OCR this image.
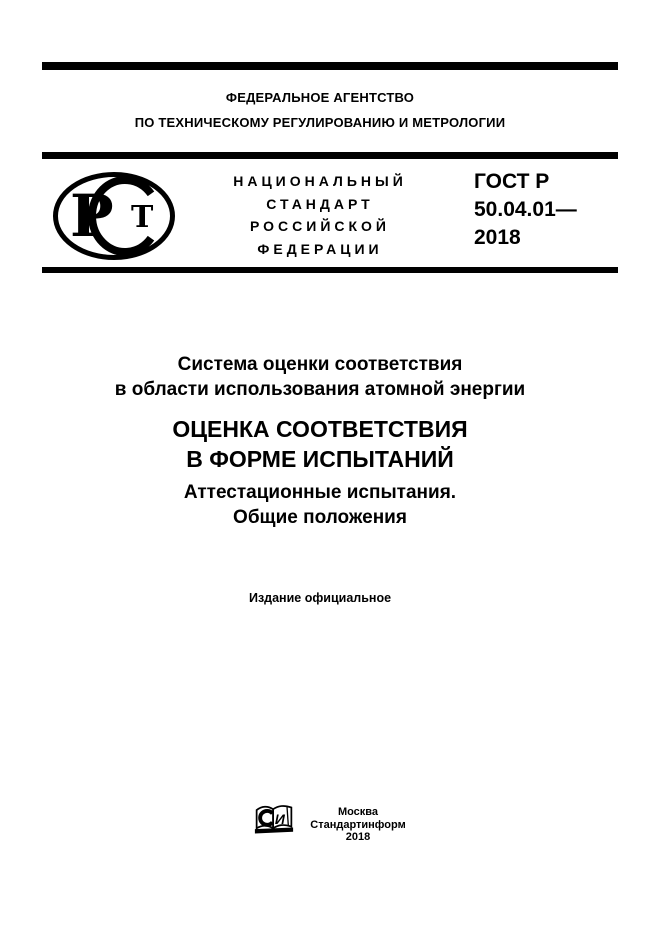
ФЕДЕРАЛЬНОЕ АГЕНТСТВО
ПО ТЕХНИЧЕСКОМУ РЕГУЛИРОВАНИЮ И МЕТРОЛОГИИ
Р Т
НАЦИОНАЛЬНЫЙ
СТАНДАРТ
РОССИЙСКОЙ
ФЕДЕРАЦИИ
ГОСТ Р
50.04.01—
2018
Система оценки соответствия
в области использования атомной энергии
ОЦЕНКА СООТВЕТСТВИЯ
В ФОРМЕ ИСПЫТАНИЙ
Аттестационные испытания.
Общие положения
Издание официальное
И	Москва
Стандартинформ
2018
